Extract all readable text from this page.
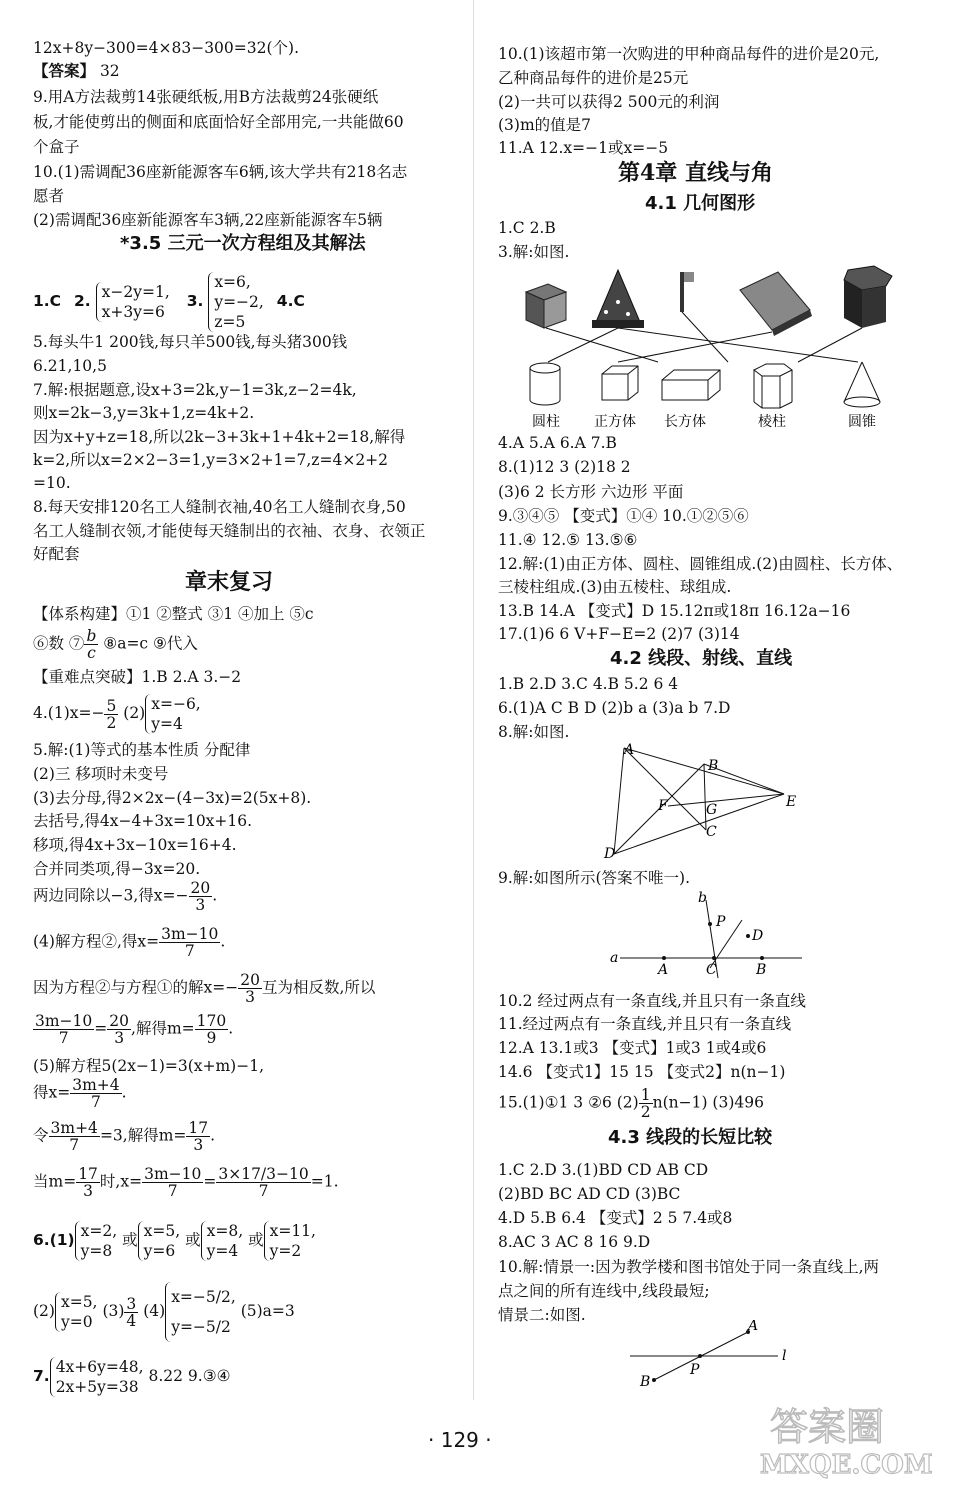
12x+8y−300=4×83−300=32(个).
【答案】 32
9.用A方法裁剪14张硬纸板,用B方法裁剪24张硬纸
板,才能使剪出的侧面和底面恰好全部用完,一共能做60
个盒子
10.(1)需调配36座新能源客车6辆,该大学共有218名志
愿者
(2)需调配36座新能源客车3辆,22座新能源客车5辆
*3.5 三元一次方程组及其解法
1.C 2. x−2y=1,
x+3y=6
3.
x=6,
y=−2,
z=5
4.C
5.每头牛1 200钱,每只羊500钱,每头猪300钱
6.21,10,5
7.解:根据题意,设x+3=2k,y−1=3k,z−2=4k,
则x=2k−3,y=3k+1,z=4k+2.
因为x+y+z=18,所以2k−3+3k+1+4k+2=18,解得
k=2,所以x=2×2−3=1,y=3×2+1=7,z=4×2+2
=10.
8.每天安排120名工人缝制衣袖,40名工人缝制衣身,50
名工人缝制衣领,才能使每天缝制出的衣袖、衣身、衣领正
好配套
章末复习
【体系构建】①1 ②整式 ③1 ④加上 ⑤c
⑥数 ⑦ $\frac{b}{c}$ ⑧a=c ⑨代入
【重难点突破】1.B 2.A 3.−2
$4.(1)x=- \frac{5}{2} (2)$ x=−6,
y=4
5.解:(1)等式的基本性质 分配律
(2)三 移项时未变号
(3)去分母,得2×2x−(4−3x)=2(5x+8).
去括号,得4x−4+3x=10x+16.
移项,得4x+3x−10x=16+4.
合并同类项,得−3x=20.
两边同除以−3,得$x=- \frac{20}{3}$ .
(4)解方程②,得$x= \frac{3m-10}{7}$ .
因为方程②与方程①的解$x=- \frac{20}{3}$ 互为相反数,所以
$\frac{3m-10}{7} = \frac{20}{3}$ ,解得$m= \frac{170}{9}$ .
(5)解方程5(2x−1)=3(x+m)−1,
得$x= \frac{3m+4}{7}$ .
令 $\frac{3m+4}{7} =3$,解得$m= \frac{17}{3}$ .
当$m= \frac{17}{3}$ 时$,x= \frac{3m-10}{7} = \frac{3\times 17/3-10}{7} =1$.
6.(1) x=2,
y=8
或 x=5,
y=6
或 x=8,
y=4
或 x=11,
y=2
(2) x=5,
y=0
$(3) \frac{3}{4} (4)$
x=−5/2,
y=−5/2
(5)a=3
7. 4x+6y=48,
2x+5y=38
8.22 9.③④
10.(1)该超市第一次购进的甲种商品每件的进价是20元,
乙种商品每件的进价是25元
(2)一共可以获得2 500元的利润
(3)m的值是7
11.A 12.x=−1或x=−5
第4章 直线与角
4.1 几何图形
1.C 2.B
3.解:如图.
圆柱 正方体 长方体	棱柱	圆锥
4.A 5.A 6.A 7.B
8.(1)12 3 (2)18 2
(3)6 2 长方形 六边形 平面
9.③④⑤ 【变式】①④ 10.①②⑤⑥
11.④ 12.⑤ 13.⑤⑥
12.解:(1)由正方体、圆柱、圆锥组成.(2)由圆柱、长方体、
三棱柱组成.(3)由五棱柱、球组成.
13.B 14.A 【变式】D 15.12π或18π 16.12a−16
17.(1)6 6 V+F−E=2 (2)7 (3)14
4.2 线段、射线、直线
1.B 2.D 3.C 4.B 5.2 6 4
6.(1)A C B D (2)b a (3)a b 7.D
8.解:如图.
A
B
E
F	G
C
D
9.解:如图所示(答案不唯一).
b
P
D
a
A	C	B
10.2 经过两点有一条直线,并且只有一条直线
11.经过两点有一条直线,并且只有一条直线
12.A 13.1或3 【变式】1或3 1或4或6
14.6 【变式1】15 15 【变式2】n(n−1)
15.(1)①1 3 ②6 $(2) \frac{1}{2} n(n-1)$ (3)496
4.3 线段的长短比较
1.C 2.D 3.(1)BD CD AB CD
(2)BD BC AD CD (3)BC
4.D 5.B 6.4 【变式】2 5 7.4或8
8.AC 3 AC 8 16 9.D
10.解:情景一:因为教学楼和图书馆处于同一条直线上,两
点之间的所有连线中,线段最短;
情景二:如图.
A
l
B
P
· 129 ·	答案圈
MXQE.COM
